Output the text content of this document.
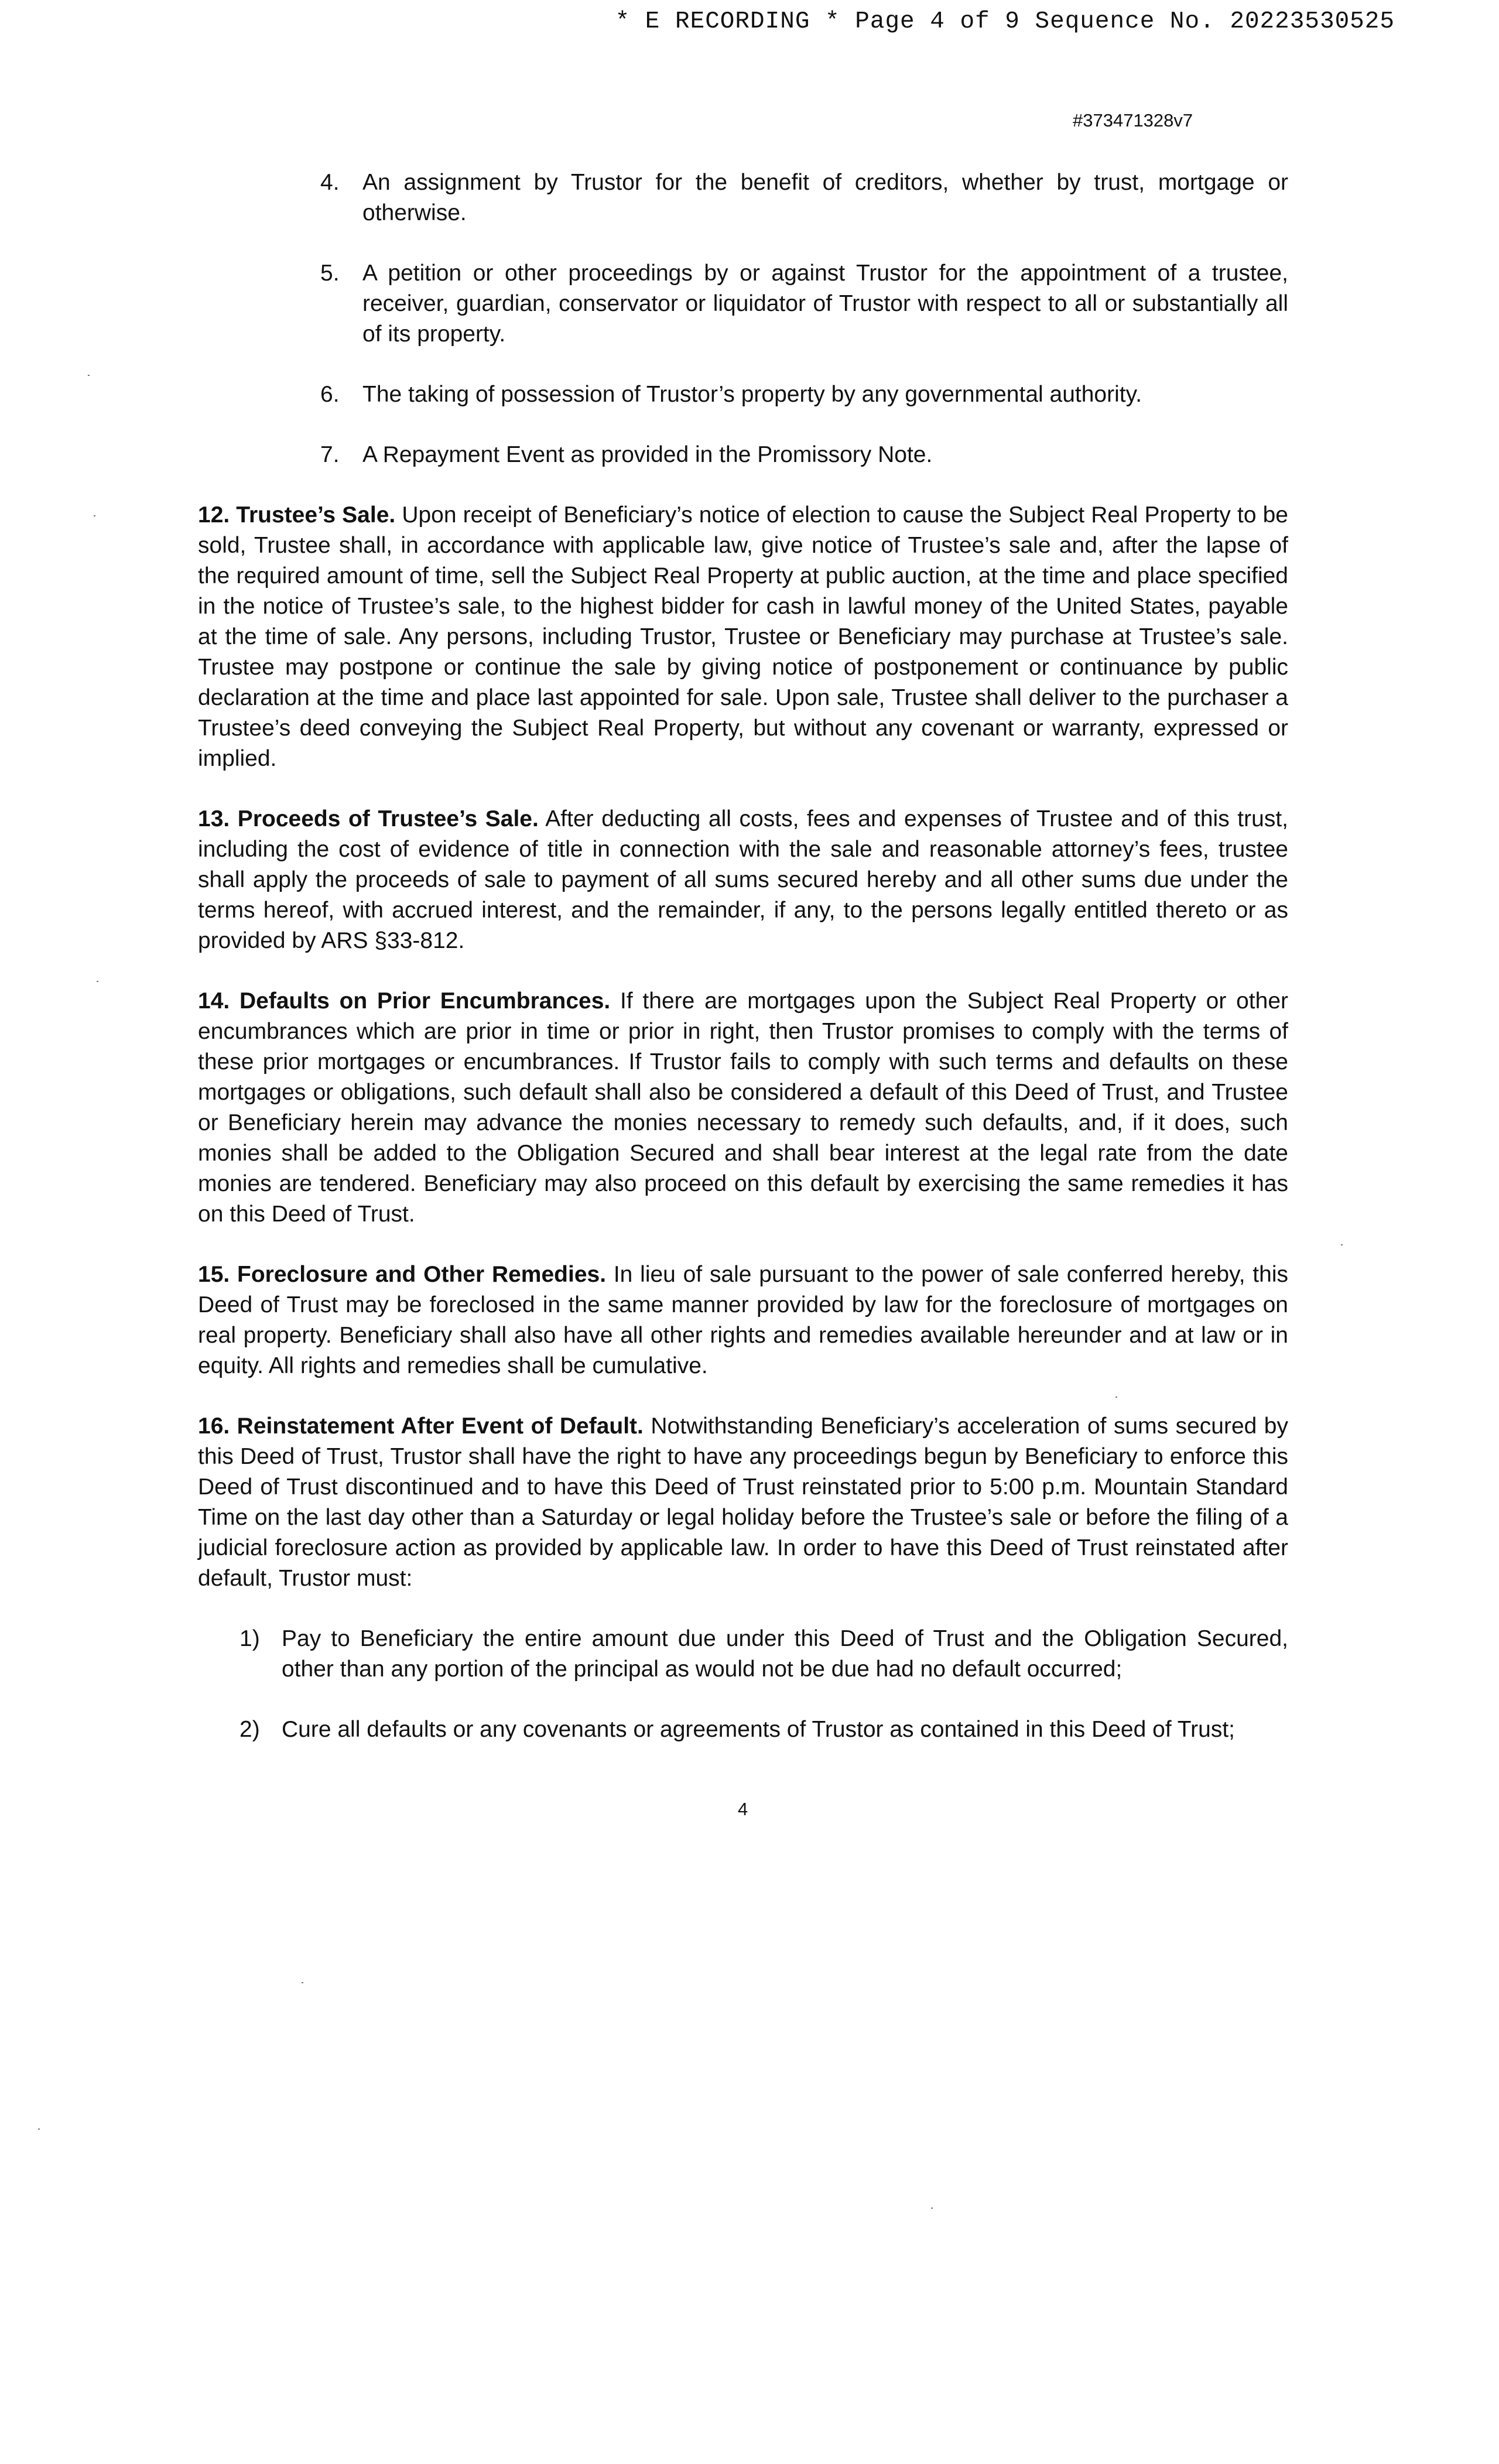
* E RECORDING * Page 4 of 9 Sequence No. 20223530525
#373471328v7
4. An assignment by Trustor for the benefit of creditors, whether by trust, mortgage or otherwise.
5. A petition or other proceedings by or against Trustor for the appointment of a trustee, receiver, guardian, conservator or liquidator of Trustor with respect to all or substantially all of its property.
6. The taking of possession of Trustor’s property by any governmental authority.
7. A Repayment Event as provided in the Promissory Note.

12. Trustee’s Sale. Upon receipt of Beneficiary’s notice of election to cause the Subject Real Property to be sold, Trustee shall, in accordance with applicable law, give notice of Trustee’s sale and, after the lapse of the required amount of time, sell the Subject Real Property at public auction, at the time and place specified in the notice of Trustee’s sale, to the highest bidder for cash in lawful money of the United States, payable at the time of sale. Any persons, including Trustor, Trustee or Beneficiary may purchase at Trustee’s sale. Trustee may postpone or continue the sale by giving notice of postponement or continuance by public declaration at the time and place last appointed for sale. Upon sale, Trustee shall deliver to the purchaser a Trustee’s deed conveying the Subject Real Property, but without any covenant or warranty, expressed or implied.

13. Proceeds of Trustee’s Sale. After deducting all costs, fees and expenses of Trustee and of this trust, including the cost of evidence of title in connection with the sale and reasonable attorney’s fees, trustee shall apply the proceeds of sale to payment of all sums secured hereby and all other sums due under the terms hereof, with accrued interest, and the remainder, if any, to the persons legally entitled thereto or as provided by ARS §33-812.

14. Defaults on Prior Encumbrances. If there are mortgages upon the Subject Real Property or other encumbrances which are prior in time or prior in right, then Trustor promises to comply with the terms of these prior mortgages or encumbrances. If Trustor fails to comply with such terms and defaults on these mortgages or obligations, such default shall also be considered a default of this Deed of Trust, and Trustee or Beneficiary herein may advance the monies necessary to remedy such defaults, and, if it does, such monies shall be added to the Obligation Secured and shall bear interest at the legal rate from the date monies are tendered. Beneficiary may also proceed on this default by exercising the same remedies it has on this Deed of Trust.

15. Foreclosure and Other Remedies. In lieu of sale pursuant to the power of sale conferred hereby, this Deed of Trust may be foreclosed in the same manner provided by law for the foreclosure of mortgages on real property. Beneficiary shall also have all other rights and remedies available hereunder and at law or in equity. All rights and remedies shall be cumulative.

16. Reinstatement After Event of Default. Notwithstanding Beneficiary’s acceleration of sums secured by this Deed of Trust, Trustor shall have the right to have any proceedings begun by Beneficiary to enforce this Deed of Trust discontinued and to have this Deed of Trust reinstated prior to 5:00 p.m. Mountain Standard Time on the last day other than a Saturday or legal holiday before the Trustee’s sale or before the filing of a judicial foreclosure action as provided by applicable law. In order to have this Deed of Trust reinstated after default, Trustor must:

1) Pay to Beneficiary the entire amount due under this Deed of Trust and the Obligation Secured, other than any portion of the principal as would not be due had no default occurred;
2) Cure all defaults or any covenants or agreements of Trustor as contained in this Deed of Trust;
4
